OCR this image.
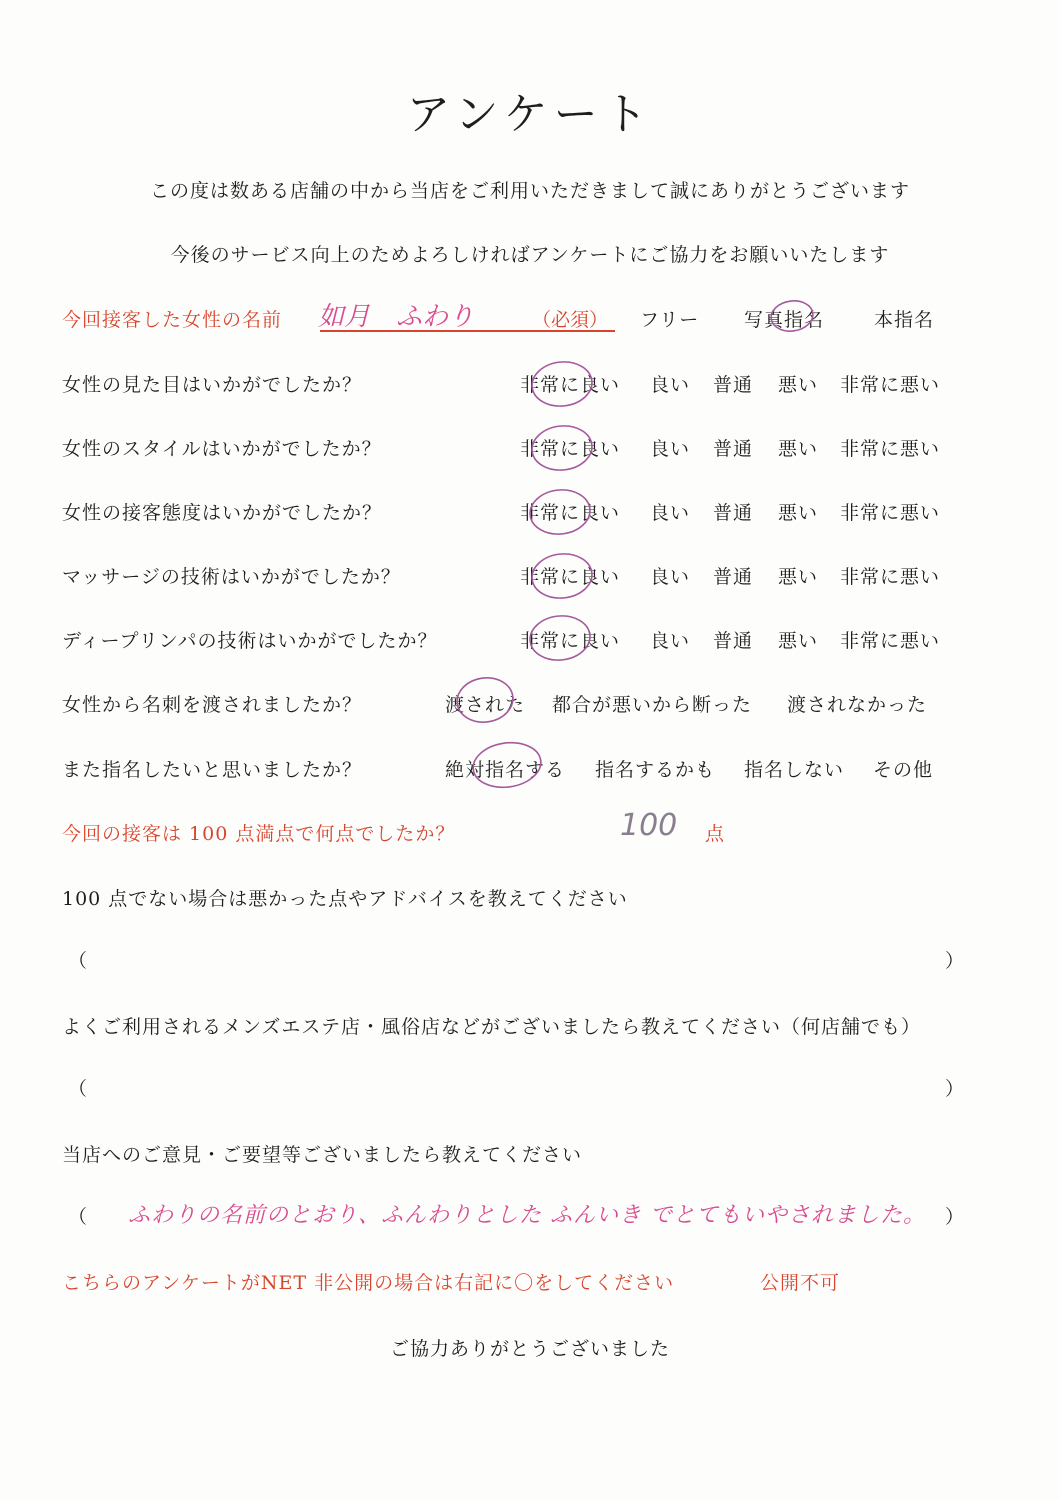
アンケート
この度は数ある店舗の中から当店をご利用いただきまして誠にありがとうございます
今後のサービス向上のためよろしければアンケートにご協力をお願いいたします
今回接客した女性の名前 如月　ふわり	（必須） フリー 写真指名	本指名
女性の見た目はいかがでしたか？	非常に良い 良い 普通 悪い 非常に悪い
女性のスタイルはいかがでしたか？	非常に良い 良い 普通 悪い 非常に悪い
女性の接客態度はいかがでしたか？	非常に良い 良い 普通 悪い 非常に悪い
マッサージの技術はいかがでしたか？	非常に良い 良い 普通 悪い 非常に悪い
ディープリンパの技術はいかがでしたか？	非常に良い 良い 普通 悪い 非常に悪い
女性から名刺を渡されましたか？	渡された 都合が悪いから断った 渡されなかった
また指名したいと思いましたか？	絶対指名する 指名するかも 指名しない その他
今回の接客は 100 点満点で何点でしたか？	100 点
100 点でない場合は悪かった点やアドバイスを教えてください
（	）
よくご利用されるメンズエステ店・風俗店などがございましたら教えてください（何店舗でも）
（	）
当店へのご意見・ご要望等ございましたら教えてください
（ ふわりの名前のとおり、ふんわりとした ふんいき でとてもいやされました。 ）
こちらのアンケートがNET 非公開の場合は右記に〇をしてください	公開不可
ご協力ありがとうございました
